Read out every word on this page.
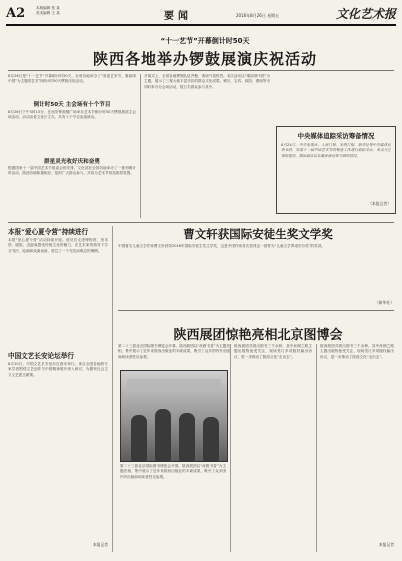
A2	本版编辑 张 某
美术编辑 王 某	要闻	2016年8月26日 星期五	文化艺术报
“十一艺节”开幕倒计时50天
陕西各地举办锣鼓展演庆祝活动

8月26日是“十一艺节”开幕倒计时50天，全省各地举办了“喜迎艺术节，秦韵颂中国”为主题的艺术节倒计时50天锣鼓庆祝活动。

倒计时50天 主会场有十个节目

8月26日下午5时15分，在西安钟鼓楼广场举办艺术节倒计时50天锣鼓展演主会场活动，活动由省文化厅主办，共有十个节目参加演出。

群星灵光收好庆和奋勇

根据国家十一届中国艺术节组委会的安排，文化部在全国各地举办了一系列倒计时活动，陕西各地积极响应，组织广大群众参与，共同为艺术节营造浓厚氛围。

开幕式上，全省各地锣鼓队伍齐聚，现场气氛热烈。本次活动以“秦韵颂中国”为主题，展示了三秦大地丰富多彩的群众文化成果。铜川、宝鸡、咸阳、渭南等市同时举办分会场活动，数万名群众参与其中。

中央媒体追踪采访筹备情况

8月24日，中央电视台、人民日报、光明日报、新华社等中央媒体记者来陕，对第十一届中国艺术节的筹备工作进行追踪采访，重点关注场馆建设、演出剧目以及惠民活动等方面的情况。

（本报记者）
本报“爱心夏令营”持续进行

本报“爱心夏令营”活动持续开展。营员们走进博物馆、美术馆、剧院，近距离感受传统文化的魅力，在艺术家的指导下学习书法、绘画和戏曲表演，度过了一个充实而难忘的暑假。

中国文艺长安论坛举行

8月20日，中国文艺长安论坛在西安举行。来自全国各地的专家学者围绕文艺创作与中国精神展开深入研讨，为繁荣社会主义文艺建言献策。

本报记者
曹文轩获国际安徒生奖文学奖

中国著名儿童文学作家曹文轩获得2016年国际安徒生奖文学奖，这是中国作家首次获得这一被誉为“儿童文学界诺贝尔奖”的奖项。

（新华社）
陕西展团惊艳亮相北京图博会

第二十三届北京国际图书博览会开幕，陕西展团以“丝路书香”为主题亮相，集中展示了近年来陕西出版业的丰硕成果，吸引了众多国内外出版商和读者驻足参观。

第二十三届北京国际图书博览会开幕，陕西展团以“丝路书香”为主题亮相，集中展示了近年来陕西出版业的丰硕成果，吸引了众多国内外出版商和读者驻足参观。

陕西展团共展出图书三千余种，其中丝绸之路主题出版物备受关注，现场签订多项版权输出协议，进一步推动了陕西文化“走出去”。

陕西展团共展出图书三千余种，其中丝绸之路主题出版物备受关注，现场签订多项版权输出协议，进一步推动了陕西文化“走出去”。

本报记者
